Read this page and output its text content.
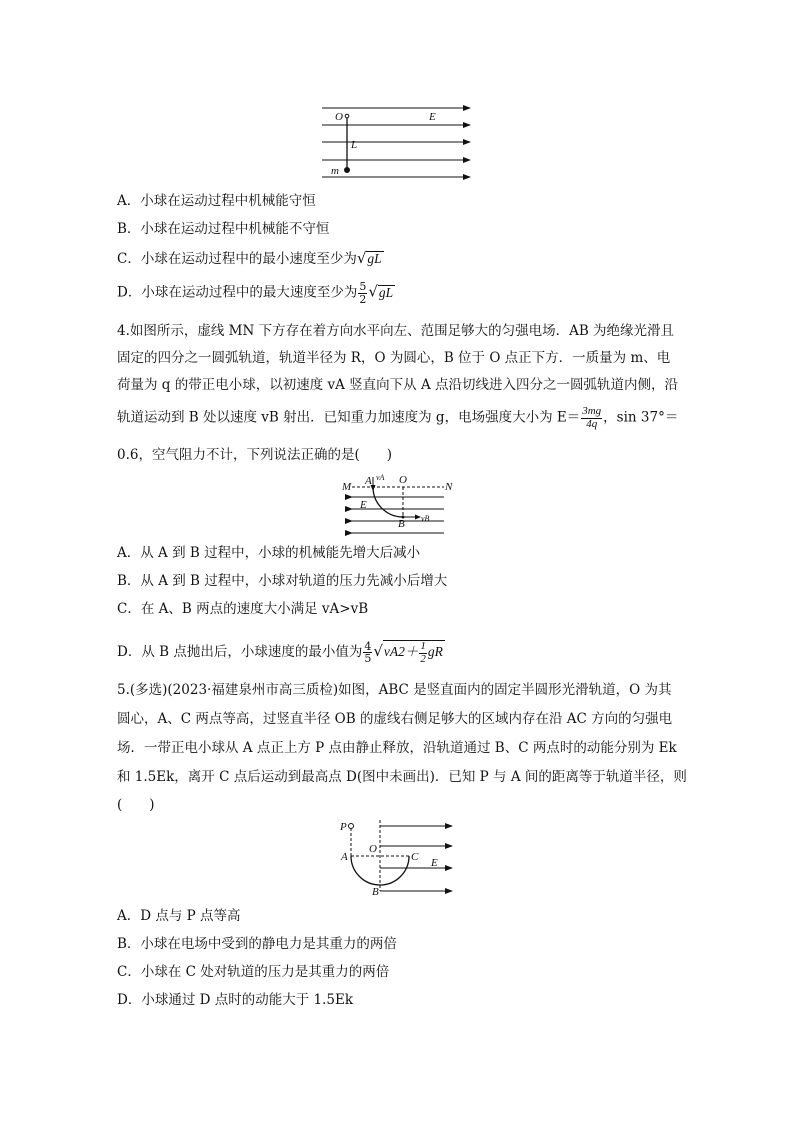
O	E
L
m
A．小球在运动过程中机械能守恒
B．小球在运动过程中机械能不守恒
C．小球在运动过程中的最小速度至少为√gL
D．小球在运动过程中的最大速度至少为 $\frac{5}{2} √gL$
4.如图所示，虚线 MN 下方存在着方向水平向左、范围足够大的匀强电场．AB 为绝缘光滑且
固定的四分之一圆弧轨道，轨道半径为 R，O 为圆心，B 位于 O 点正下方．一质量为 m、电
荷量为 q 的带正电小球，以初速度 vA 竖直向下从 A 点沿切线进入四分之一圆弧轨道内侧，沿
轨道运动到 B 处以速度 vB 射出．已知重力加速度为 g，电场强度大小为 $E= \frac{3mg}{4q}$ ，sin 37°＝
0.6，空气阻力不计，下列说法正确的是(　　)
M A vA O
N
E
B vB
A．从 A 到 B 过程中，小球的机械能先增大后减小
B．从 A 到 B 过程中，小球对轨道的压力先减小后增大
C．在 A、B 两点的速度大小满足 vA>vB
D．从 B 点抛出后，小球速度的最小值为 $\frac{4}{5} √vA2+ \frac{1}{2}$ gR
5.(多选)(2023·福建泉州市高三质检)如图，ABC 是竖直面内的固定半圆形光滑轨道，O 为其
圆心，A、C 两点等高，过竖直半径 OB 的虚线右侧足够大的区域内存在沿 AC 方向的匀强电
场．一带正电小球从 A 点正上方 P 点由静止释放，沿轨道通过 B、C 两点时的动能分别为 Ek
和 1.5Ek，离开 C 点后运动到最高点 D(图中未画出)．已知 P 与 A 间的距离等于轨道半径，则
(　　)
P
A
O
C E
B
A．D 点与 P 点等高
B．小球在电场中受到的静电力是其重力的两倍
C．小球在 C 处对轨道的压力是其重力的两倍
D．小球通过 D 点时的动能大于 1.5Ek
